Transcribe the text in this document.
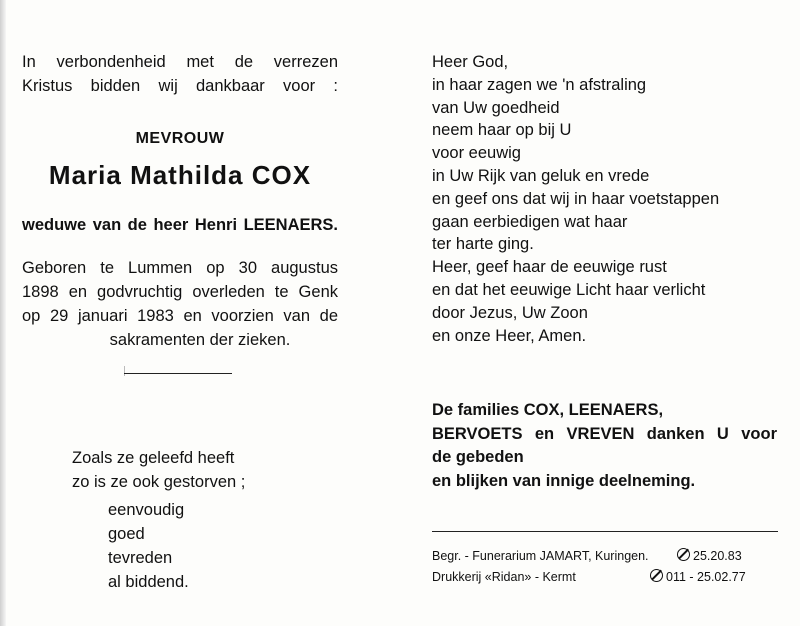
In verbondenheid met de verrezen
Kristus bidden wij dankbaar voor :
MEVROUW
Maria Mathilda COX
weduwe van de heer Henri LEENAERS.
Geboren te Lummen op 30 augustus
1898 en godvruchtig overleden te Genk
op 29 januari 1983 en voorzien van de
sakramenten der zieken.
Zoals ze geleefd heeft
zo is ze ook gestorven ;
eenvoudig
goed
tevreden
al biddend.
Heer God,
in haar zagen we 'n afstraling
van Uw goedheid
neem haar op bij U
voor eeuwig
in Uw Rijk van geluk en vrede
en geef ons dat wij in haar voetstappen
gaan eerbiedigen wat haar
ter harte ging.
Heer, geef haar de eeuwige rust
en dat het eeuwige Licht haar verlicht
door Jezus, Uw Zoon
en onze Heer, Amen.
De families COX, LEENAERS,
BERVOETS en VREVEN danken U voor
de gebeden
en blijken van innige deelneming.
Begr. - Funerarium JAMART, Kuringen.	25.20.83
Drukkerij «Ridan» - Kermt	011 - 25.02.77
